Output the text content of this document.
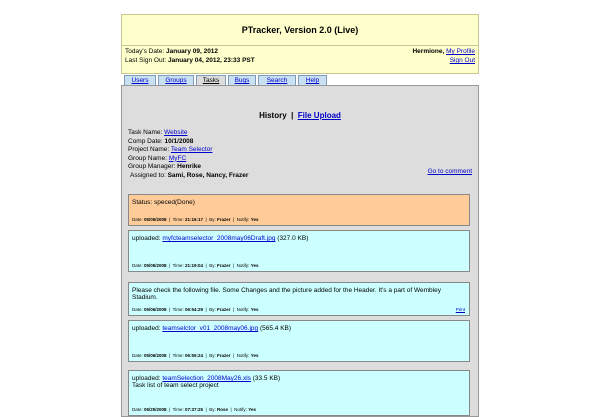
PTracker, Version 2.0 (Live)
Today's Date: January 09, 2012
Last Sign Out: January 04, 2012, 23:33 PST
Hermione, My Profile
Sign Out
Users	Groups	Tasks	Bugs	Search	Help
History | File Upload
Task Name: Website
Comp Date: 10/1/2008
Project Name: Team Selector
Group Name: MyFC
Group Manager: Henrike
Assigned to: Sami, Rose, Nancy, Frazer	Go to comment
Status: speced(Done)
Date: 05/05/2008  |  Time: 21:16:17  |  By: Frazer  |  Notify: Yes
uploaded: myfcteamselector_2008may06Draft.jpg (327.0 KB)
Date: 05/05/2008  |  Time: 21:19:04  |  By: Frazer  |  Notify: Yes
Please check the following file. Some Changes and the picture added for the Header. It's a part of Wembley Stadium.
Date: 05/06/2008  |  Time: 06:54:29  |  By: Frazer  |  Notify: Yes	Print
uploaded: teamselctor_v01_2008may06.jpg (565.4 KB)
Date: 05/06/2008  |  Time: 06:55:24  |  By: Frazer  |  Notify: Yes
uploaded: teamSelection_2008May26.xls (33.5 KB)
Task list of team select project
Date: 05/25/2008  |  Time: 07:37:25  |  By: Rose  |  Notify: Yes
